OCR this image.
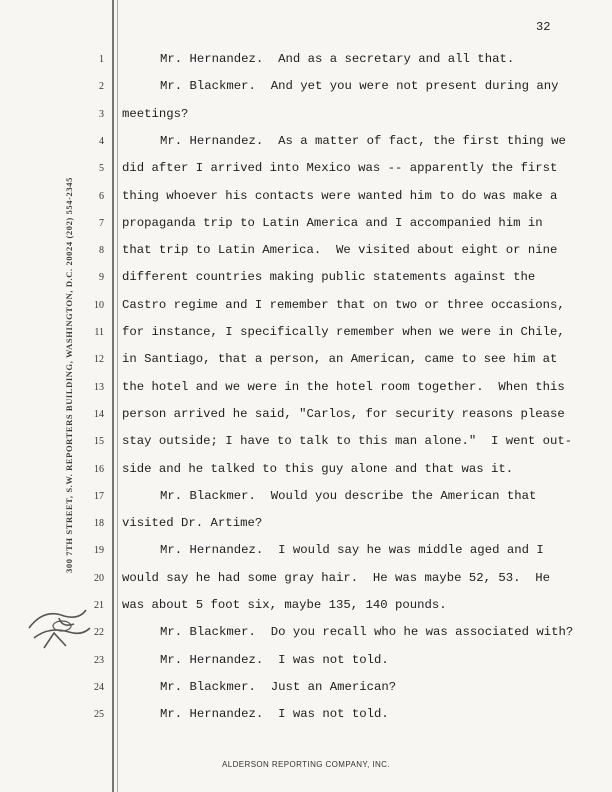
32
300 7TH STREET, S.W. REPORTERS BUILDING, WASHINGTON, D.C. 20024 (202) 554-2345
1	Mr. Hernandez.  And as a secretary and all that.
2	Mr. Blackmer.  And yet you were not present during any
3 meetings?
4	Mr. Hernandez.  As a matter of fact, the first thing we
5 did after I arrived into Mexico was -- apparently the first
6 thing whoever his contacts were wanted him to do was make a
7 propaganda trip to Latin America and I accompanied him in
8 that trip to Latin America.  We visited about eight or nine
9 different countries making public statements against the
10 Castro regime and I remember that on two or three occasions,
11 for instance, I specifically remember when we were in Chile,
12 in Santiago, that a person, an American, came to see him at
13 the hotel and we were in the hotel room together.  When this
14 person arrived he said, "Carlos, for security reasons please
15 stay outside; I have to talk to this man alone."  I went out-
16 side and he talked to this guy alone and that was it.
17	Mr. Blackmer.  Would you describe the American that
18 visited Dr. Artime?
19	Mr. Hernandez.  I would say he was middle aged and I
20 would say he had some gray hair.  He was maybe 52, 53.  He
21 was about 5 foot six, maybe 135, 140 pounds.
22	Mr. Blackmer.  Do you recall who he was associated with?
23	Mr. Hernandez.  I was not told.
24	Mr. Blackmer.  Just an American?
25	Mr. Hernandez.  I was not told.
ALDERSON REPORTING COMPANY, INC.
